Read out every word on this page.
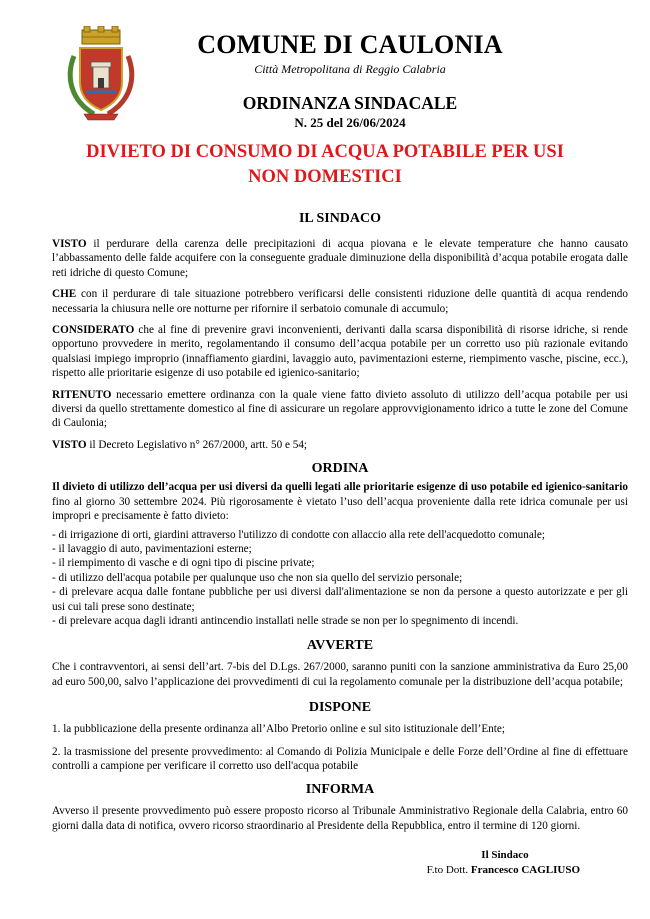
COMUNE DI CAULONIA
Città Metropolitana di Reggio Calabria
ORDINANZA SINDACALE
N. 25 del 26/06/2024
DIVIETO DI CONSUMO DI ACQUA POTABILE PER USI
NON DOMESTICI
IL SINDACO

VISTO il perdurare della carenza delle precipitazioni di acqua piovana e le elevate temperature che hanno causato l’abbassamento delle falde acquifere con la conseguente graduale diminuzione della disponibilità d’acqua potabile erogata dalle reti idriche di questo Comune;

CHE con il perdurare di tale situazione potrebbero verificarsi delle consistenti riduzione delle quantità di acqua rendendo necessaria la chiusura nelle ore notturne per rifornire il serbatoio comunale di accumulo;

CONSIDERATO che al fine di prevenire gravi inconvenienti, derivanti dalla scarsa disponibilità di risorse idriche, si rende opportuno provvedere in merito, regolamentando il consumo dell’acqua potabile per un corretto uso più razionale evitando qualsiasi impiego improprio (innaffiamento giardini, lavaggio auto, pavimentazioni esterne, riempimento vasche, piscine, ecc.), rispetto alle prioritarie esigenze di uso potabile ed igienico-sanitario;

RITENUTO necessario emettere ordinanza con la quale viene fatto divieto assoluto di utilizzo dell’acqua potabile per usi diversi da quello strettamente domestico al fine di assicurare un regolare approvvigionamento idrico a tutte le zone del Comune di Caulonia;

VISTO il Decreto Legislativo n° 267/2000, artt. 50 e 54;

ORDINA

Il divieto di utilizzo dell’acqua per usi diversi da quelli legati alle prioritarie esigenze di uso potabile ed igienico-sanitario fino al giorno 30 settembre 2024. Più rigorosamente è vietato l’uso dell’acqua proveniente dalla rete idrica comunale per usi impropri e precisamente è fatto divieto:

- di irrigazione di orti, giardini attraverso l'utilizzo di condotte con allaccio alla rete dell'acquedotto comunale;
- il lavaggio di auto, pavimentazioni esterne;
- il riempimento di vasche e di ogni tipo di piscine private;
- di utilizzo dell'acqua potabile per qualunque uso che non sia quello del servizio personale;
- di prelevare acqua dalle fontane pubbliche per usi diversi dall'alimentazione se non da persone a questo autorizzate e per gli usi cui tali prese sono destinate;
- di prelevare acqua dagli idranti antincendio installati nelle strade se non per lo spegnimento di incendi.
AVVERTE

Che i contravventori, ai sensi dell’art. 7-bis del D.Lgs. 267/2000, saranno puniti con la sanzione amministrativa da Euro 25,00 ad euro 500,00, salvo l’applicazione dei provvedimenti di cui la regolamento comunale per la distribuzione dell’acqua potabile;

DISPONE

1. la pubblicazione della presente ordinanza all’Albo Pretorio online e sul sito istituzionale dell’Ente;

2. la trasmissione del presente provvedimento: al Comando di Polizia Municipale e delle Forze dell’Ordine al fine di effettuare controlli a campione per verificare il corretto uso dell'acqua potabile

INFORMA

Avverso il presente provvedimento può essere proposto ricorso al Tribunale Amministrativo Regionale della Calabria, entro 60 giorni dalla data di notifica, ovvero ricorso straordinario al Presidente della Repubblica, entro il termine di 120 giorni.

Il Sindaco
F.to Dott. Francesco CAGLIUSO
